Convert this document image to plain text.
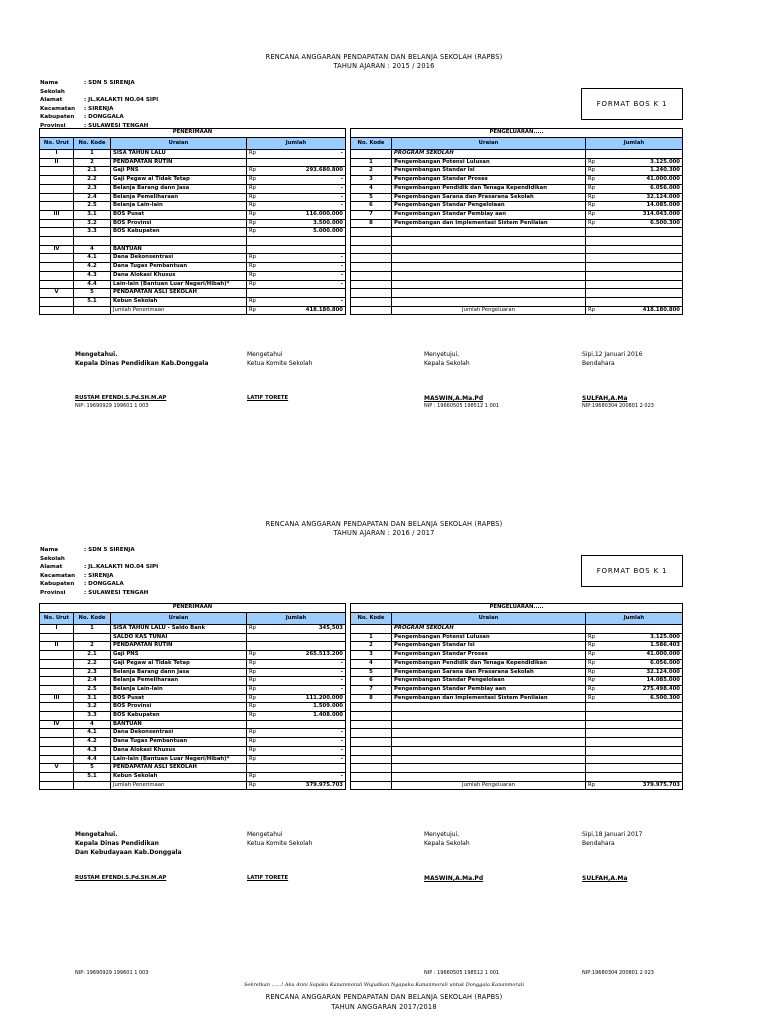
RENCANA ANGGARAN PENDAPATAN DAN BELANJA SEKOLAH (RAPBS)
TAHUN AJARAN : 2015 / 2016
Nama Sekolah
: SDN 5 SIRENJA
Alamat	: JL.KALAKTI NO.04 SIPI
Kecamatan	: SIRENJA
Kabupaten	: DONGGALA
Provinsi	: SULAWESI TENGAH
FORMAT BOS K 1
PENERIMAAN						PENGELUARAN.....			
No. Urut	No. Kode	Uraian	Jumlah			No. Kode	Uraian	Jumlah	
I	1	SISA TAHUN LALU	Rp	-			PROGRAM SEKOLAH		
II	2	PENDAPATAN RUTIN				1	Pengembangan Potensi Lulusan	Rp	3.125.000
	2.1	Gaji PNS	Rp	293.680.800		2	Pengembangan Standar Isi	Rp	1.240.300
	2.2	Gaji Pegaw ai Tidak Tetap	Rp	-		3	Pengembangan Standar Proses	Rp	41.000.000
	2.3	Belanja Barang dann Jasa	Rp	-		4	Pengembangan Pendidik dan Tenaga Kependidikan	Rp	6.056.000
	2.4	Belanja Pemeliharaan	Rp	-		5	Pengembangan Sarana dan Prasarana Sekolah	Rp	32.124.000
	2.5	Belanja Lain-lain	Rp	-		6	Pengembangan Standar Pengelolaan	Rp	14.085.000
III	3.1	BOS Pusat	Rp	116.000.000		7	Pengembangan Standar Pembiay aan	Rp	314.043.000
	3.2	BOS Provinsi	Rp	3.500.000		8	Pengembangan dan Implementasi Sistem Penilaian	Rp	6.500.300
	3.3	BOS Kabupaten	Rp	5.000.000					

IV	4	BANTUAN							
	4.1	Dana Dekonsentrasi	Rp	-					
	4.2	Dana Tugas Pembantuan	Rp	-					
	4.3	Dana Alokasi Khusus	Rp	-					
	4.4	Lain-lain (Bantuan Luar Negeri/Hibah)*	Rp	-					
V	5	PENDAPATAN ASLI SEKOLAH							
	5.1	Kebun Sekolah	Rp	-					
		Jumlah Penerimaan	Rp	418.180.800			Jumlah Pengeluaran	Rp	418.180.800
Mengetahui.
Kepala Dinas Pendidikan Kab.Donggala
Mengetahui
Ketua Komite Sekolah
Menyetujui,
Kepala Sekolah
Sipi,12 Januari 2016
Bendahara
RUSTAM EFENDI.S.Pd.SH.M.AP	LATIF TORETE	MASWIN,A.Ma.Pd	SULFAH,A.Ma
NIP: 19690929 199601 1 003	NIP : 19660505 198512 1 001	NIP:19680304 200801 2 023
RENCANA ANGGARAN PENDAPATAN DAN BELANJA SEKOLAH (RAPBS)
TAHUN AJARAN : 2016 / 2017
Nama Sekolah
: SDN 5 SIRENJA
Alamat	: JL.KALAKTI NO.04 SIPI
Kecamatan	: SIRENJA
Kabupaten	: DONGGALA
Provinsi	: SULAWESI TENGAH
FORMAT BOS K 1
PENERIMAAN						PENGELUARAN.....			
No. Urut	No. Kode	Uraian	Jumlah			No. Kode	Uraian	Jumlah	
I	1	SISA TAHUN LALU - Saldo Bank	Rp	345,503			PROGRAM SEKOLAH		
		SALDO KAS TUNAI				1	Pengembangan Potensi Lulusan	Rp	3.125.000
II	2	PENDAPATAN RUTIN				2	Pengembangan Standar Isi	Rp	1.586.403
	2.1	Gaji PNS	Rp	265.513.200		3	Pengembangan Standar Proses	Rp	41.000.000
	2.2	Gaji Pegaw ai Tidak Tetap	Rp	-		4	Pengembangan Pendidik dan Tenaga Kependidikan	Rp	6.056.000
	2.3	Belanja Barang dann Jasa	Rp	-		5	Pengembangan Sarana dan Prasarana Sekolah	Rp	32.124.000
	2.4	Belanja Pemeliharaan	Rp	-		6	Pengembangan Standar Pengelolaan	Rp	14.085.000
	2.5	Belanja Lain-lain	Rp	-		7	Pengembangan Standar Pembiay aan	Rp	275.498.400
III	3.1	BOS Pusat	Rp	111.200.000		8	Pengembangan dan Implementasi Sistem Penilaian	Rp	6.500.300
	3.2	BOS Provinsi	Rp	1.509.000					
	3.3	BOS Kabupaten	Rp	1.408.000					
IV	4	BANTUAN							
	4.1	Dana Dekonsentrasi	Rp	-					
	4.2	Dana Tugas Pembantuan	Rp	-					
	4.3	Dana Alokasi Khusus	Rp	-					
	4.4	Lain-lain (Bantuan Luar Negeri/Hibah)*	Rp	-					
V	5	PENDAPATAN ASLI SEKOLAH							
	5.1	Kebun Sekolah	Rp	-					
		Jumlah Penerimaan	Rp	379.975.703			Jumlah Pengeluaran	Rp	379.975.703
Mengetahui.
Kepala Dinas Pendidikan
Dan Kebudayaan Kab.Donggala
Mengetahui
Ketua Komite Sekolah
Menyetujui,
Kepala Sekolah
Sipi,18 Januari 2017
Bendahara
RUSTAM EFENDI.S.Pd.SH.M.AP	LATIF TORETE	MASWIN,A.Ma.Pd	SULFAH,A.Ma
NIP: 19690929 199601 1 003	NIP : 19660505 198512 1 001	NIP:19680304 200801 2 023
Sekretkan ......! Aku Anni Sapaku Kananmorali Wujudkan Ngapaku Kananmorali untuk Donggala Kananmorali
RENCANA ANGGARAN PENDAPATAN DAN BELANJA SEKOLAH (RAPBS)
TAHUN ANGGARAN 2017/2018
